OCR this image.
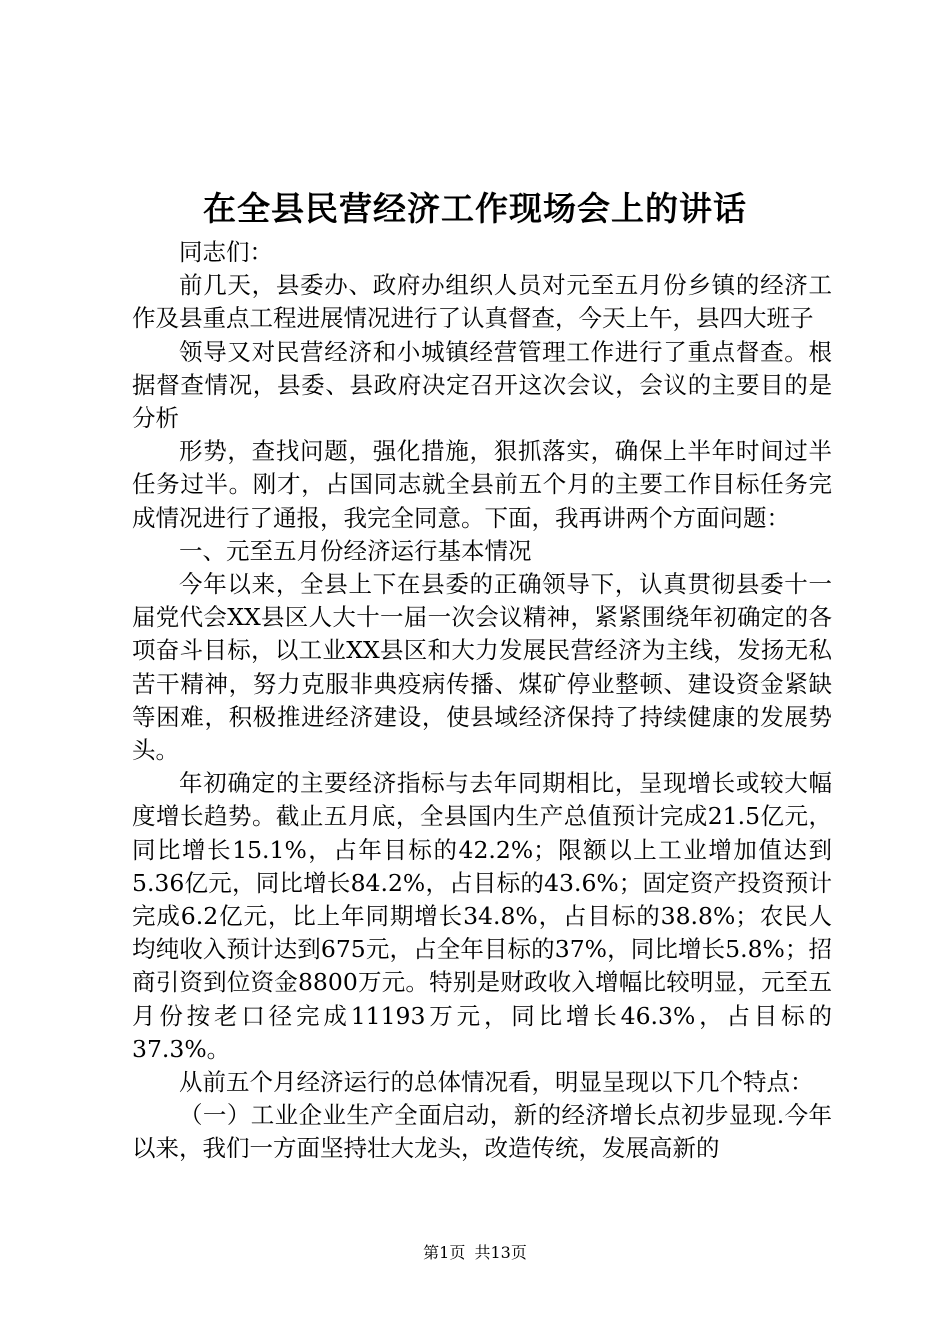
在全县民营经济工作现场会上的讲话

同志们：

前几天，县委办、政府办组织人员对元至五月份乡镇的经济工作及县重点工程进展情况进行了认真督查，今天上午，县四大班子

领导又对民营经济和小城镇经营管理工作进行了重点督查。根据督查情况，县委、县政府决定召开这次会议，会议的主要目的是分析

形势，查找问题，强化措施，狠抓落实，确保上半年时间过半任务过半。刚才，占国同志就全县前五个月的主要工作目标任务完成情况进行了通报，我完全同意。下面，我再讲两个方面问题：

一、元至五月份经济运行基本情况

今年以来，全县上下在县委的正确领导下，认真贯彻县委十一届党代会XX县区人大十一届一次会议精神，紧紧围绕年初确定的各项奋斗目标，以工业XX县区和大力发展民营经济为主线，发扬无私苦干精神，努力克服非典疫病传播、煤矿停业整顿、建设资金紧缺等困难，积极推进经济建设，使县域经济保持了持续健康的发展势头。

年初确定的主要经济指标与去年同期相比，呈现增长或较大幅度增长趋势。截止五月底，全县国内生产总值预计完成21.5亿元，同比增长15.1%，占年目标的42.2%；限额以上工业增加值达到5.36亿元，同比增长84.2%，占目标的43.6%；固定资产投资预计完成6.2亿元，比上年同期增长34.8%，占目标的38.8%；农民人均纯收入预计达到675元，占全年目标的37%，同比增长5.8%；招商引资到位资金8800万元。特别是财政收入增幅比较明显，元至五月份按老口径完成11193万元，同比增长46.3%，占目标的37.3%。

从前五个月经济运行的总体情况看，明显呈现以下几个特点：

（一）工业企业生产全面启动，新的经济增长点初步显现.今年以来，我们一方面坚持壮大龙头，改造传统，发展高新的

第1页 共13页
